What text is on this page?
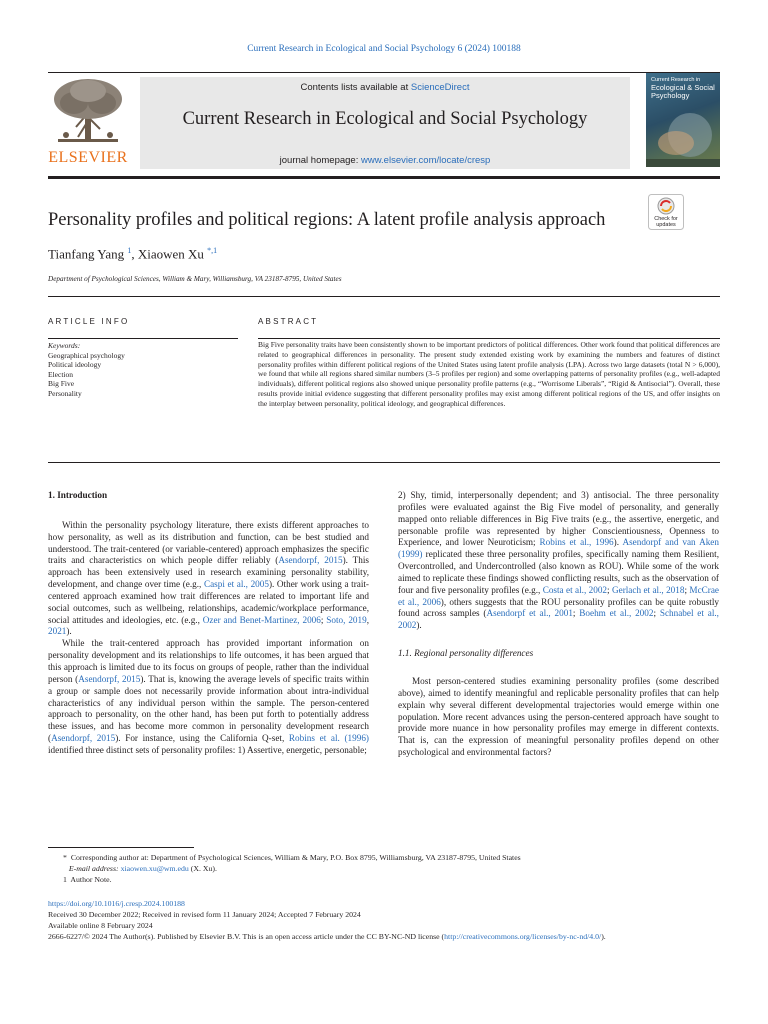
Current Research in Ecological and Social Psychology 6 (2024) 100188
ELSEVIER
Contents lists available at ScienceDirect
Current Research in Ecological and Social Psychology
journal homepage: www.elsevier.com/locate/cresp
Current Research in
Ecological & Social Psychology
Personality profiles and political regions: A latent profile analysis approach	Check for updates
Tianfang Yang $^1$, Xiaowen Xu $^{*,1}$
Department of Psychological Sciences, William & Mary, Williamsburg, VA 23187-8795, United States
ARTICLE INFO	ABSTRACT
Keywords:
Geographical psychology
Political ideology
Election
Big Five
Personality
Big Five personality traits have been consistently shown to be important predictors of political differences. Other work found that political differences are related to geographical differences in personality. The present study extended existing work by examining the numbers and features of distinct personality profiles within different political regions of the United States using latent profile analysis (LPA). Across two large datasets (total N > 6,000), we found that while all regions shared similar numbers (3–5 profiles per region) and some overlapping patterns of personality profiles (e.g., well-adapted individuals), different political regions also showed unique personality profile patterns (e.g., “Worrisome Liberals”, “Rigid & Antisocial”). Overall, these results provide initial evidence suggesting that different personality profiles may exist among different political regions of the US, and offer insights on the interplay between personality, political ideology, and geographical differences.

1. Introduction

Within the personality psychology literature, there exists different approaches to how personality, as well as its distribution and function, can be best studied and understood. The trait-centered (or variable-centered) approach emphasizes the specific traits and characteristics on which people differ reliably (Asendorpf, 2015). This approach has been extensively used in research examining personality stability, development, and change over time (e.g., Caspi et al., 2005). Other work using a trait-centered approach examined how trait differences are related to important life and social outcomes, such as wellbeing, relationships, academic/workplace performance, social attitudes and ideologies, etc. (e.g., Ozer and Benet-Martinez, 2006; Soto, 2019, 2021).

While the trait-centered approach has provided important information on personality development and its relationships to life outcomes, it has been argued that this approach is limited due to its focus on groups of people, rather than the individual person (Asendorpf, 2015). That is, knowing the average levels of specific traits within a group or sample does not necessarily provide information about intra-individual characteristics of any individual person within the sample. The person-centered approach to personality, on the other hand, has been put forth to potentially address these issues, and has become more common in personality development research (Asendorpf, 2015). For instance, using the California Q-set, Robins et al. (1996) identified three distinct sets of personality profiles: 1) Assertive, energetic, personable;

2) Shy, timid, interpersonally dependent; and 3) antisocial. The three personality profiles were evaluated against the Big Five model of personality, and generally mapped onto reliable differences in Big Five traits (e.g., the assertive, energetic, and personable profile was represented by higher Conscientiousness, Openness to Experience, and lower Neuroticism; Robins et al., 1996). Asendorpf and van Aken (1999) replicated these three personality profiles, specifically naming them Resilient, Overcontrolled, and Undercontrolled (also known as ROU). While some of the work aimed to replicate these findings showed conflicting results, such as the observation of four and five personality profiles (e.g., Costa et al., 2002; Gerlach et al., 2018; McCrae et al., 2006), others suggests that the ROU personality profiles can be quite robustly found across samples (Asendorpf et al., 2001; Boehm et al., 2002; Schnabel et al., 2002).

1.1. Regional personality differences

Most person-centered studies examining personality profiles (some described above), aimed to identify meaningful and replicable personality profiles that can help explain why several different developmental trajectories would emerge within one population. More recent advances using the person-centered approach have sought to provide more nuance in how personality profiles may emerge in different contexts. That is, can the expression of meaningful personality profiles depend on other psychological and environmental factors?

* Corresponding author at: Department of Psychological Sciences, William & Mary, P.O. Box 8795, Williamsburg, VA 23187-8795, United States

E-mail address: xiaowen.xu@wm.edu (X. Xu).

1 Author Note.

https://doi.org/10.1016/j.cresp.2024.100188

Received 30 December 2022; Received in revised form 11 January 2024; Accepted 7 February 2024

Available online 8 February 2024

2666-6227/© 2024 The Author(s). Published by Elsevier B.V. This is an open access article under the CC BY-NC-ND license (http://creativecommons.org/licenses/by-nc-nd/4.0/).
